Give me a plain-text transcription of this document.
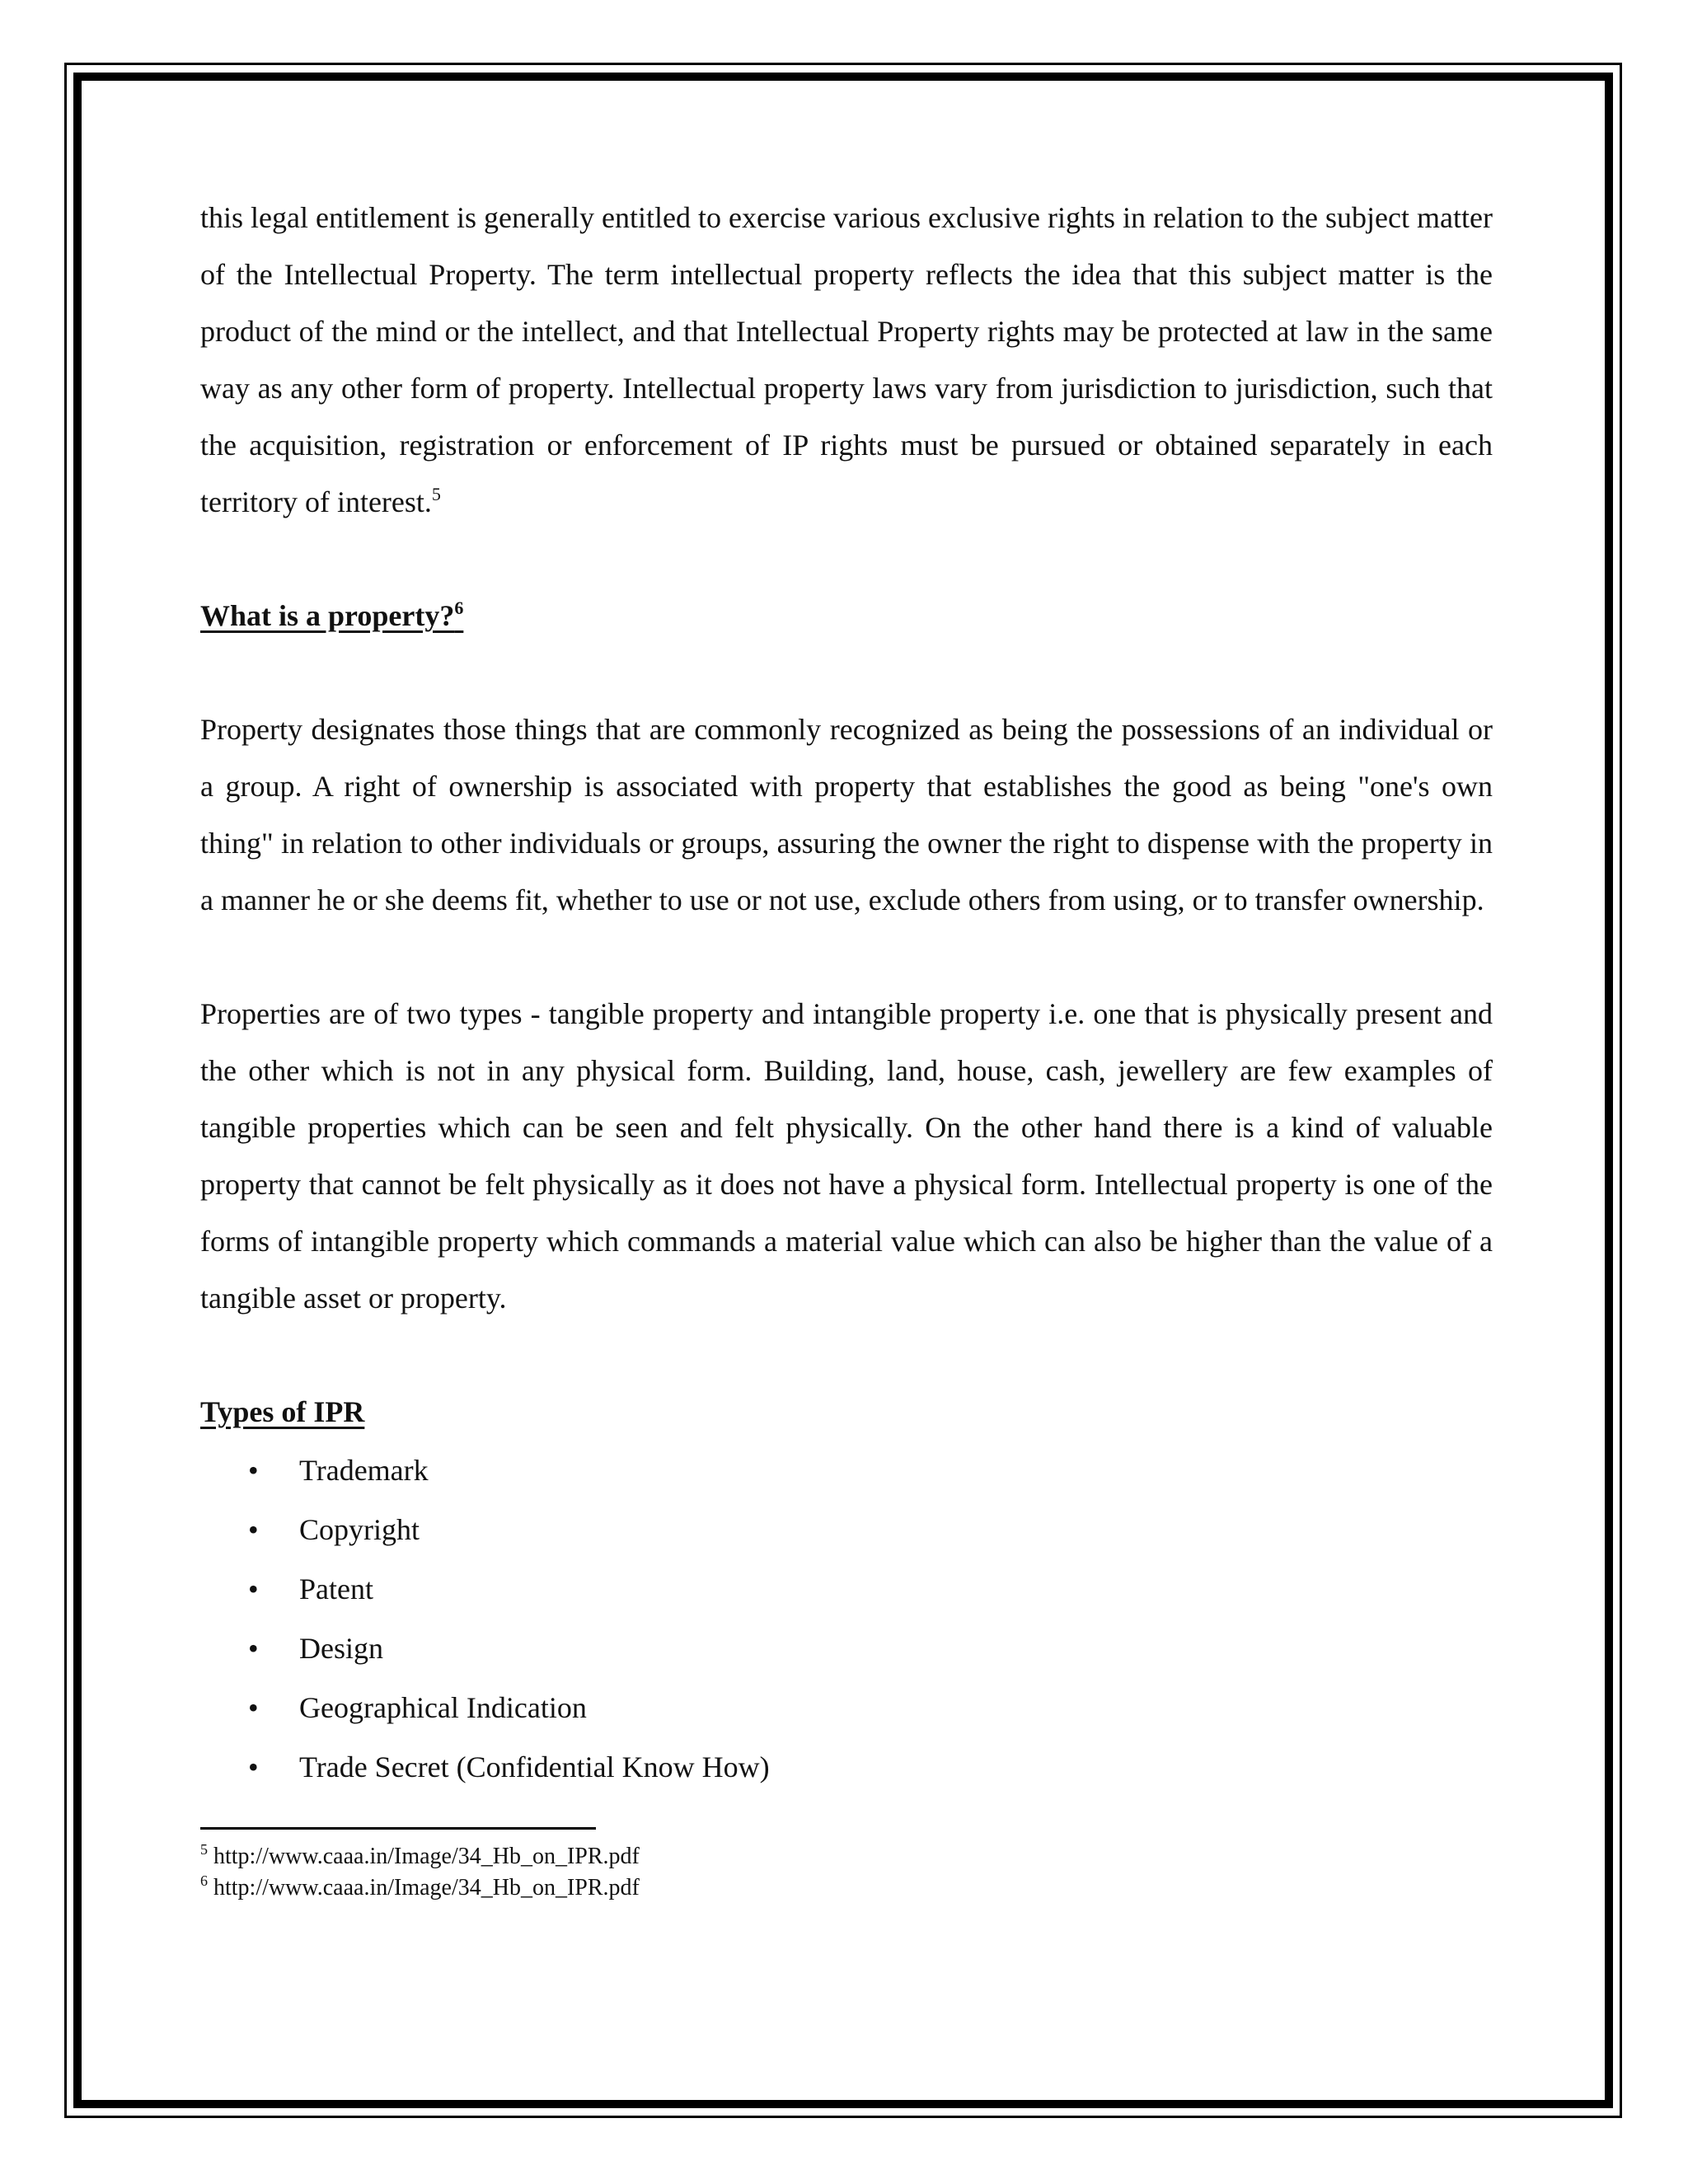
this legal entitlement is generally entitled to exercise various exclusive rights in relation to the subject matter of the Intellectual Property. The term intellectual property reflects the idea that this subject matter is the product of the mind or the intellect, and that Intellectual Property rights may be protected at law in the same way as any other form of property. Intellectual property laws vary from jurisdiction to jurisdiction, such that the acquisition, registration or enforcement of IP rights must be pursued or obtained separately in each territory of interest.$^5$

What is a property?$^6$

Property designates those things that are commonly recognized as being the possessions of an individual or a group. A right of ownership is associated with property that establishes the good as being "one's own thing" in relation to other individuals or groups, assuring the owner the right to dispense with the property in a manner he or she deems fit, whether to use or not use, exclude others from using, or to transfer ownership.

Properties are of two types - tangible property and intangible property i.e. one that is physically present and the other which is not in any physical form. Building, land, house, cash, jewellery are few examples of tangible properties which can be seen and felt physically. On the other hand there is a kind of valuable property that cannot be felt physically as it does not have a physical form. Intellectual property is one of the forms of intangible property which commands a material value which can also be higher than the value of a tangible asset or property.

Types of IPR
• Trademark
• Copyright
• Patent
• Design
• Geographical Indication
• Trade Secret (Confidential Know How)
$^5$ http://www.caaa.in/Image/34_Hb_on_IPR.pdf
$^6$ http://www.caaa.in/Image/34_Hb_on_IPR.pdf
